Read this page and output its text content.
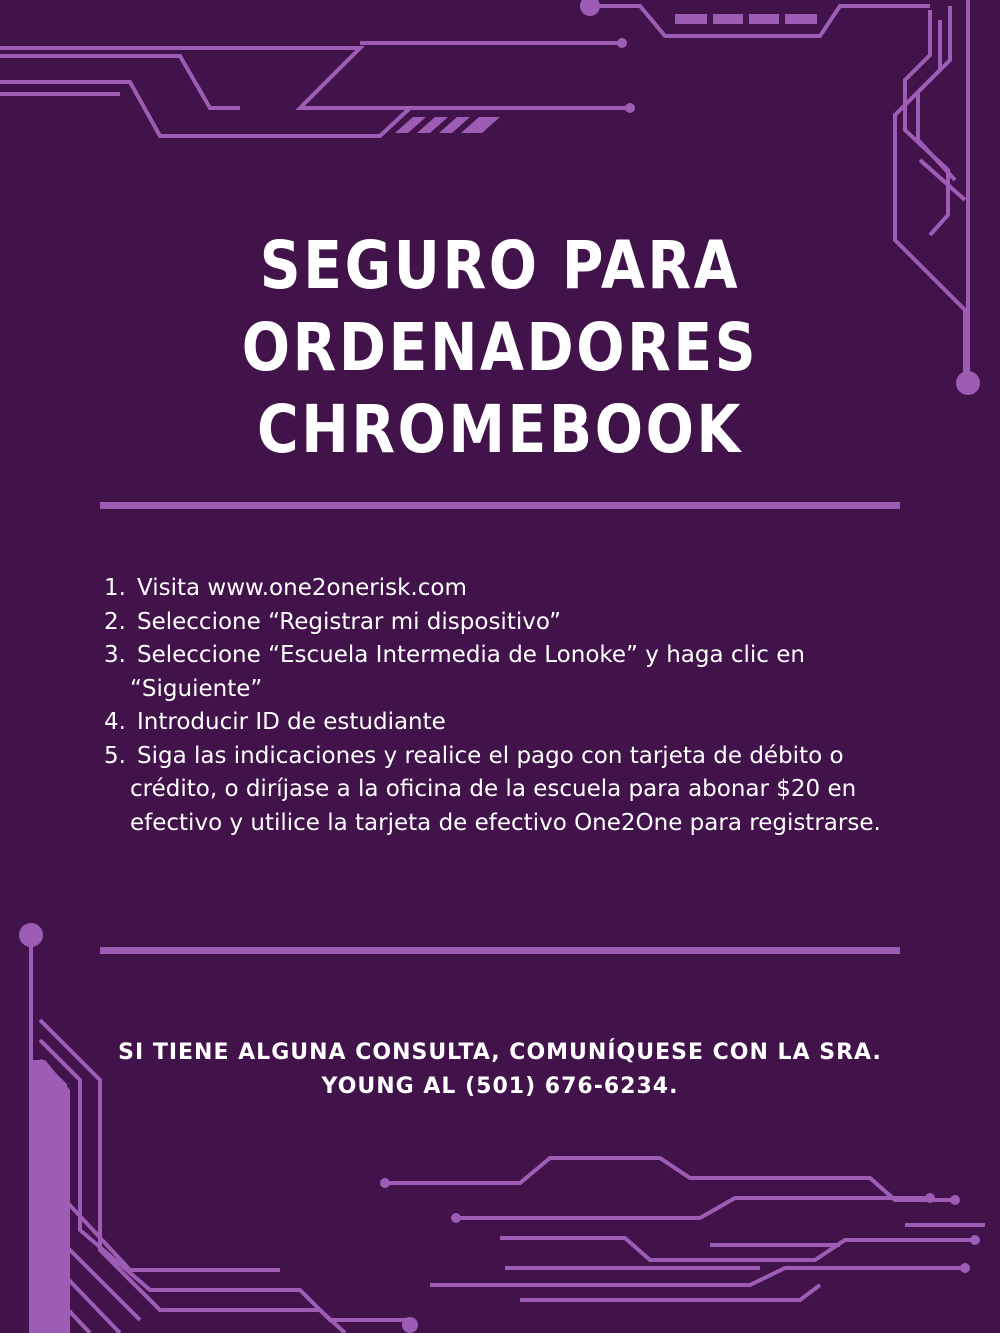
SEGURO PARA
ORDENADORES
CHROMEBOOK
1. Visita www.one2onerisk.com
2. Seleccione “Registrar mi dispositivo”
3. Seleccione “Escuela Intermedia de Lonoke” y haga clic en
“Siguiente”
4. Introducir ID de estudiante
5. Siga las indicaciones y realice el pago con tarjeta de débito o
crédito, o diríjase a la oficina de la escuela para abonar $20 en efectivo y utilice la tarjeta de efectivo One2One para registrarse.
SI TIENE ALGUNA CONSULTA, COMUNÍQUESE CON LA SRA.
YOUNG AL (501) 676-6234.
